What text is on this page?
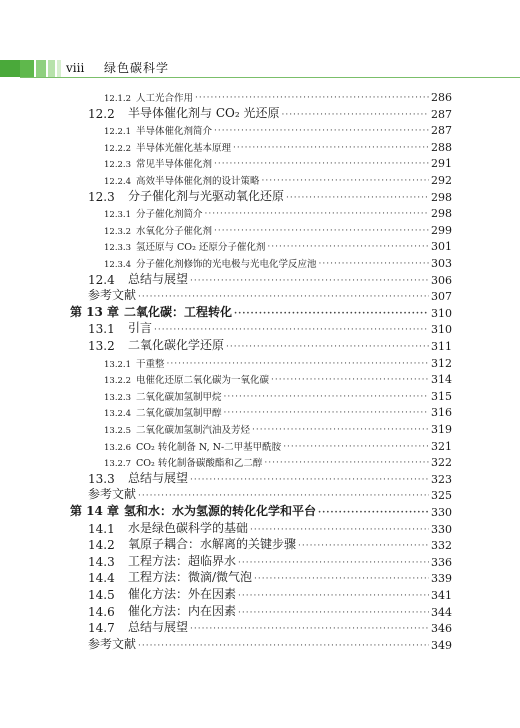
viii 绿色碳科学
12.1.2 人工光合作用 ·····	286
12.2	半导体催化剂与 CO₂ 光还原 ·····	287
12.2.1 半导体催化剂简介 ·····	287
12.2.2 半导体光催化基本原理 ·····	288
12.2.3 常见半导体催化剂 ·····	291
12.2.4 高效半导体催化剂的设计策略 ·····	292
12.3	分子催化剂与光驱动氧化还原 ·····	298
12.3.1 分子催化剂简介 ·····	298
12.3.2 水氧化分子催化剂 ·····	299
12.3.3 氢还原与 CO₂ 还原分子催化剂 ·····	301
12.3.4 分子催化剂修饰的光电极与光电化学反应池 ·····	303
12.4	总结与展望 ·····	306
参考文献 ·····	307
第 13 章 二氧化碳：工程转化 ·····	310
13.1	引言 ·····	310
13.2	二氧化碳化学还原 ·····	311
13.2.1 干重整 ·····	312
13.2.2 电催化还原二氧化碳为一氧化碳 ·····	314
13.2.3 二氧化碳加氢制甲烷 ·····	315
13.2.4 二氧化碳加氢制甲醇 ·····	316
13.2.5 二氧化碳加氢制汽油及芳烃 ·····	319
13.2.6 CO₂ 转化制备 N, N-二甲基甲酰胺 ·····	321
13.2.7 CO₂ 转化制备碳酸酯和乙二醇 ·····	322
13.3	总结与展望 ·····	323
参考文献 ·····	325
第 14 章 氢和水：水为氢源的转化化学和平台 ·····	330
14.1	水是绿色碳科学的基础 ·····	330
14.2	氧原子耦合：水解离的关键步骤 ·····	332
14.3	工程方法：超临界水 ·····	336
14.4	工程方法：微滴/微气泡 ·····	339
14.5	催化方法：外在因素 ·····	341
14.6	催化方法：内在因素 ·····	344
14.7	总结与展望 ·····	346
参考文献 ·····	349
